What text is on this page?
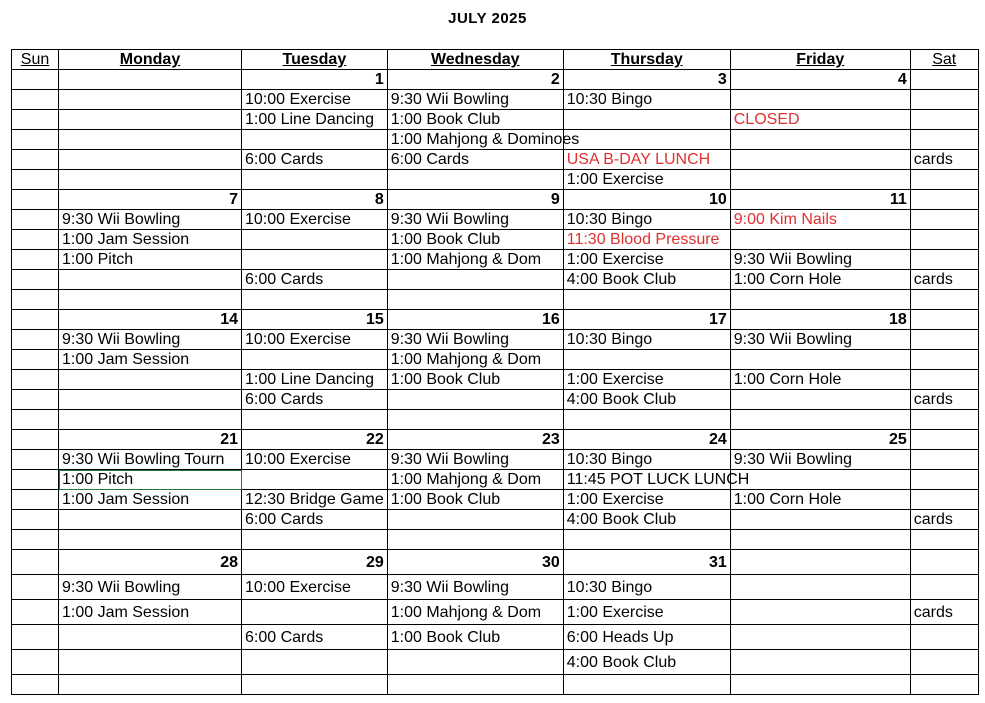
JULY 2025
Sun	Monday	Tuesday	Wednesday	Thursday	Friday	Sat
		1	2	3	4	
		10:00 Exercise	9:30 Wii Bowling	10:30 Bingo		
		1:00 Line Dancing	1:00 Book Club		CLOSED	

			1:00 Mahjong & Dominoes			

		6:00 Cards	6:00 Cards	USA B-DAY LUNCH		cards
				1:00 Exercise		
	7	8	9	10	11	
	9:30 Wii Bowling	10:00 Exercise	9:30 Wii Bowling	10:30 Bingo	9:00 Kim Nails	
	1:00 Jam Session		1:00 Book Club	11:30 Blood Pressure		

	1:00 Pitch		1:00 Mahjong & Dom	1:00 Exercise	9:30 Wii Bowling	
		6:00 Cards		4:00 Book Club	1:00 Corn Hole	cards

	14	15	16	17	18	
	9:30 Wii Bowling	10:00 Exercise	9:30 Wii Bowling	10:30 Bingo	9:30 Wii Bowling	
	1:00 Jam Session		1:00 Mahjong & Dom			
		1:00 Line Dancing	1:00 Book Club	1:00 Exercise	1:00 Corn Hole	
		6:00 Cards		4:00 Book Club		cards

	21	22	23	24	25	
	9:30 Wii Bowling Tourn	10:00 Exercise	9:30 Wii Bowling	10:30 Bingo	9:30 Wii Bowling	
	1:00 Pitch		1:00 Mahjong & Dom	11:45 POT LUCK LUNCH		

	1:00 Jam Session	12:30 Bridge Game	1:00 Book Club	1:00 Exercise	1:00 Corn Hole	
		6:00 Cards		4:00 Book Club		cards

	28	29	30	31		
	9:30 Wii Bowling	10:00 Exercise	9:30 Wii Bowling	10:30 Bingo		
	1:00 Jam Session		1:00 Mahjong & Dom	1:00 Exercise		cards
		6:00 Cards	1:00 Book Club	6:00 Heads Up		
				4:00 Book Club		
